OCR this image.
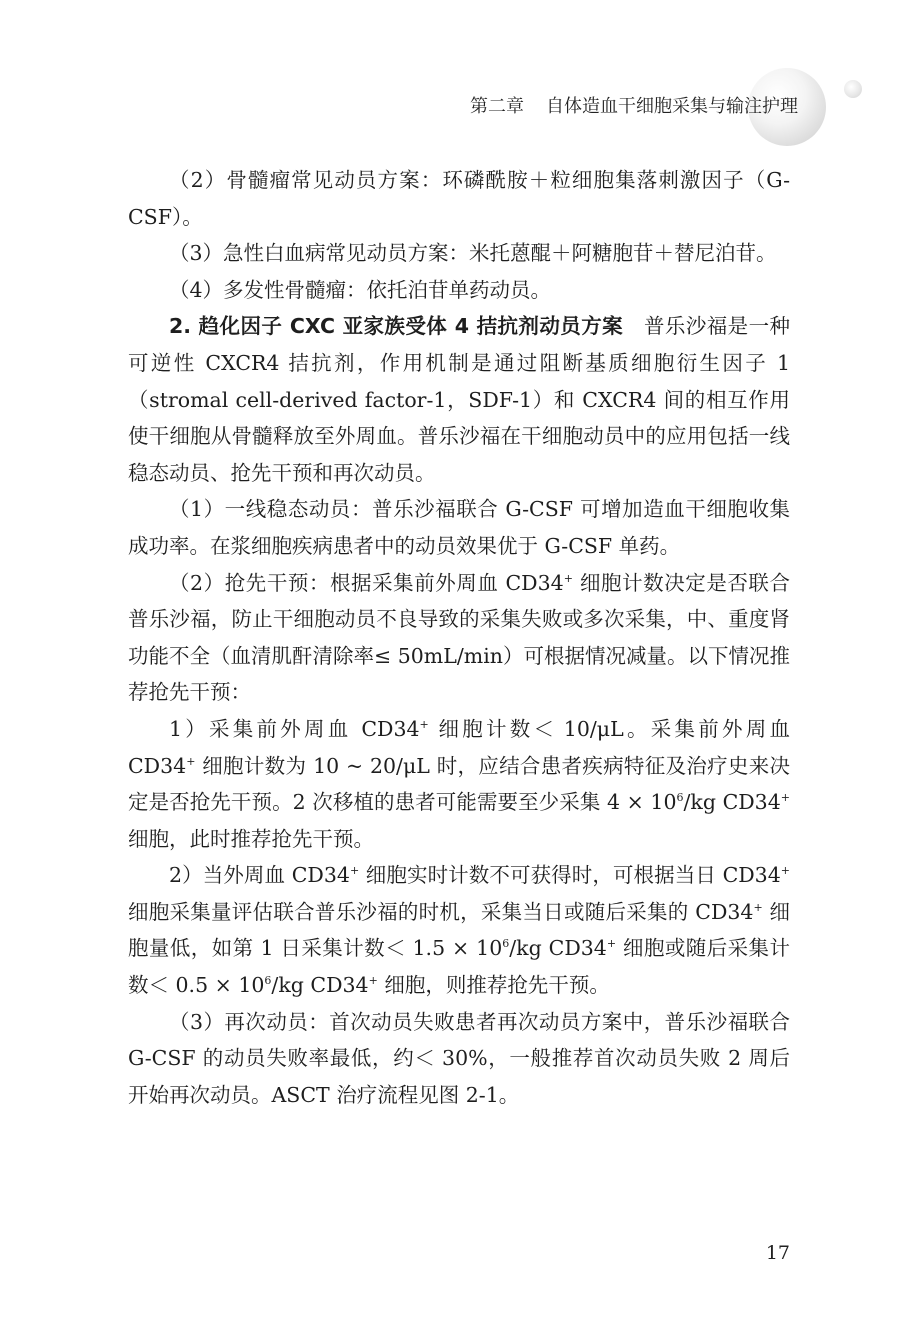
第二章 自体造血干细胞采集与输注护理

（2）骨髓瘤常见动员方案：环磷酰胺＋粒细胞集落刺激因子（G-CSF）。

（3）急性白血病常见动员方案：米托蒽醌＋阿糖胞苷＋替尼泊苷。

（4）多发性骨髓瘤：依托泊苷单药动员。

2. 趋化因子 CXC 亚家族受体 4 拮抗剂动员方案　 普乐沙福是一种可逆性 CXCR4 拮抗剂，作用机制是通过阻断基质细胞衍生因子 1（stromal cell-derived factor-1，SDF-1）和 CXCR4 间的相互作用使干细胞从骨髓释放至外周血。普乐沙福在干细胞动员中的应用包括一线稳态动员、抢先干预和再次动员。

（1）一线稳态动员：普乐沙福联合 G-CSF 可增加造血干细胞收集成功率。在浆细胞疾病患者中的动员效果优于 G-CSF 单药。

（2）抢先干预：根据采集前外周血 CD34+ 细胞计数决定是否联合普乐沙福，防止干细胞动员不良导致的采集失败或多次采集，中、重度肾功能不全（血清肌酐清除率≤ 50mL/min）可根据情况减量。以下情况推荐抢先干预：

1）采集前外周血 CD34+ 细胞计数＜ 10/μL。采集前外周血 CD34+ 细胞计数为 10 ~ 20/μL 时，应结合患者疾病特征及治疗史来决定是否抢先干预。2 次移植的患者可能需要至少采集 $4 \times 10^6/kg$ CD34+ 细胞，此时推荐抢先干预。

2）当外周血 CD34+ 细胞实时计数不可获得时，可根据当日 CD34+ 细胞采集量评估联合普乐沙福的时机，采集当日或随后采集的 CD34+ 细胞量低，如第 1 日采集计数＜ $1.5 \times 10^6/kg$ CD34+ 细胞或随后采集计数＜ $0.5 \times 10^6/kg$ CD34+ 细胞，则推荐抢先干预。

（3）再次动员：首次动员失败患者再次动员方案中，普乐沙福联合 G-CSF 的动员失败率最低，约＜ 30%，一般推荐首次动员失败 2 周后开始再次动员。ASCT 治疗流程见图 2-1。

17
